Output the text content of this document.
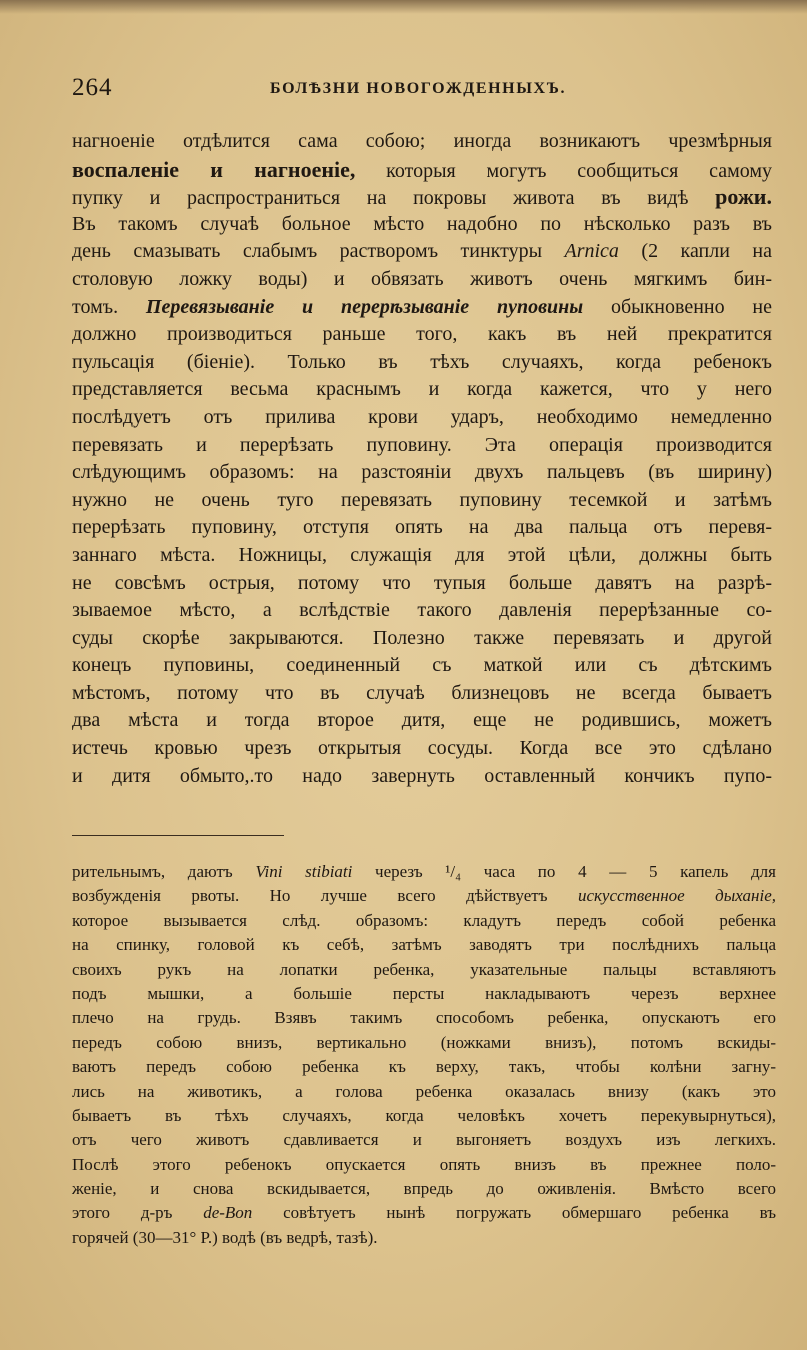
264	БОЛѢЗНИ НОВОГОЖДЕННЫХЪ.
нагноеніе отдѣлится сама собою; иногда возникаютъ чрезмѣрныя
воспаленіе и нагноеніе, которыя могутъ сообщиться самому
пупку и распространиться на покровы живота въ видѣ рожи.
Въ такомъ случаѣ больное мѣсто надобно по нѣсколько разъ въ
день смазывать слабымъ растворомъ тинктуры Arnica (2 капли на
столовую ложку воды) и обвязать животъ очень мягкимъ бин-
томъ. Перевязываніе и перерѣзываніе пуповины обыкновенно не
должно производиться раньше того, какъ въ ней прекратится
пульсація (біеніе). Только въ тѣхъ случаяхъ, когда ребенокъ
представляется весьма краснымъ и когда кажется, что у него
послѣдуетъ отъ прилива крови ударъ, необходимо немедленно
перевязать и перерѣзать пуповину. Эта операція производится
слѣдующимъ образомъ: на разстояніи двухъ пальцевъ (въ ширину)
нужно не очень туго перевязать пуповину тесемкой и затѣмъ
перерѣзать пуповину, отступя опять на два пальца отъ перевя-
заннаго мѣста. Ножницы, служащія для этой цѣли, должны быть
не совсѣмъ острыя, потому что тупыя больше давятъ на разрѣ-
зываемое мѣсто, а вслѣдствіе такого давленія перерѣзанные со-
суды скорѣе закрываются. Полезно также перевязать и другой
конецъ пуповины, соединенный съ маткой или съ дѣтскимъ
мѣстомъ, потому что въ случаѣ близнецовъ не всегда бываетъ
два мѣста и тогда второе дитя, еще не родившись, можетъ
истечь кровью чрезъ открытыя сосуды. Когда все это сдѣлано
и дитя обмыто,.то надо завернуть оставленный кончикъ пупо-
рительнымъ, даютъ Vini stibiati черезъ ¹/₄ часа по 4 — 5 капель для
возбужденія рвоты. Но лучше всего дѣйствуетъ искусственное дыханіе,
которое вызывается слѣд. образомъ: кладутъ передъ собой ребенка
на спинку, головой къ себѣ, затѣмъ заводятъ три послѣднихъ пальца
своихъ рукъ на лопатки ребенка, указательные пальцы вставляютъ
подъ мышки, а большіе персты накладываютъ черезъ верхнее
плечо на грудь. Взявъ такимъ способомъ ребенка, опускаютъ его
передъ собою внизъ, вертикально (ножками внизъ), потомъ вскиды-
ваютъ передъ собою ребенка къ верху, такъ, чтобы колѣни загну-
лись на животикъ, а голова ребенка оказалась внизу (какъ это
бываетъ въ тѣхъ случаяхъ, когда человѣкъ хочетъ перекувырнуться),
отъ чего животъ сдавливается и выгоняетъ воздухъ изъ легкихъ.
Послѣ этого ребенокъ опускается опять внизъ въ прежнее поло-
женіе, и снова вскидывается, впредь до оживленія. Вмѣсто всего
этого д-ръ de-Bon совѣтуетъ нынѣ погружать обмершаго ребенка въ
горячей (30—31° Р.) водѣ (въ ведрѣ, тазѣ).
